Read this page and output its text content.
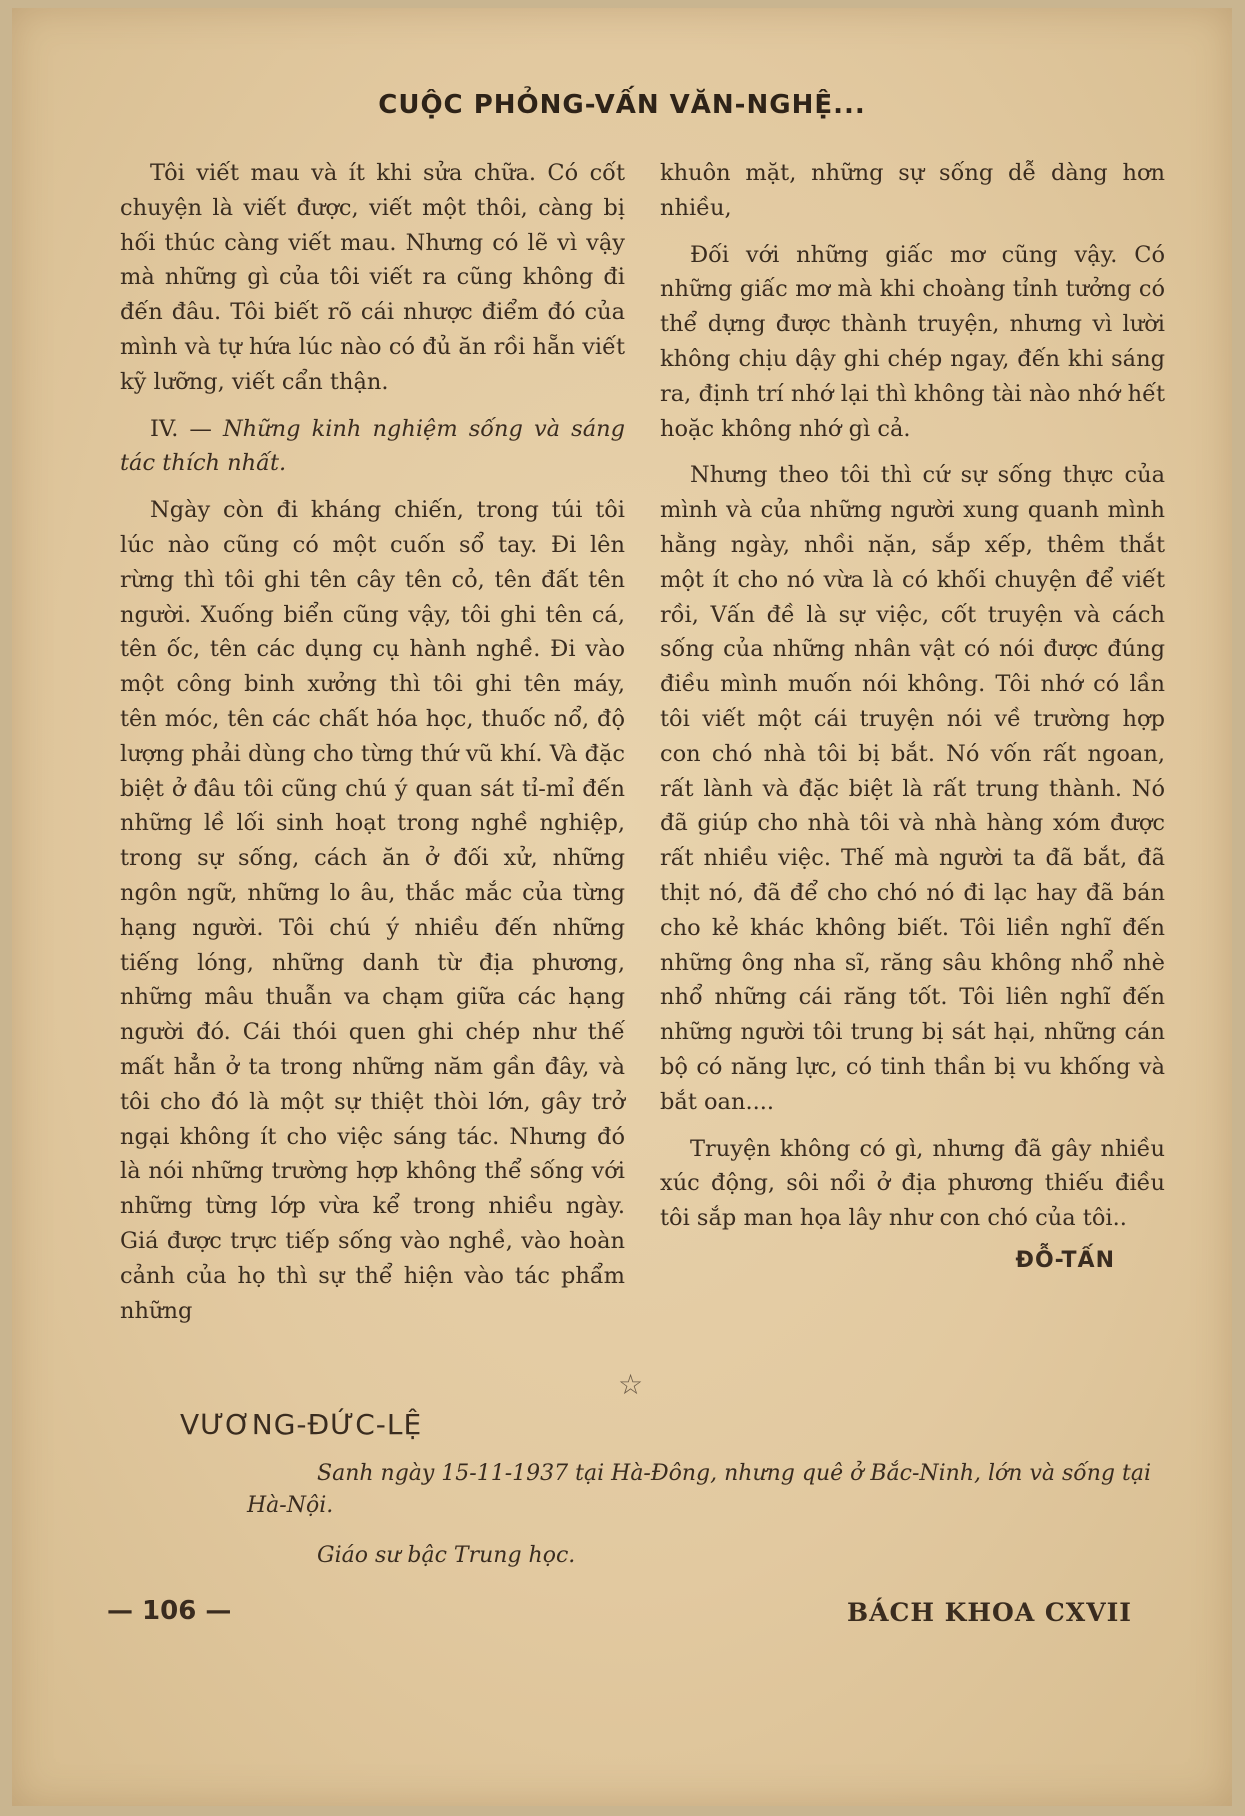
CUỘC PHỎNG-VẤN VĂN-NGHỆ...

Tôi viết mau và ít khi sửa chữa. Có cốt chuyện là viết được, viết một thôi, càng bị hối thúc càng viết mau. Nhưng có lẽ vì vậy mà những gì của tôi viết ra cũng không đi đến đâu. Tôi biết rõ cái nhược điểm đó của mình và tự hứa lúc nào có đủ ăn rồi hẵn viết kỹ lưỡng, viết cẩn thận.

IV. — Những kinh nghiệm sống và sáng tác thích nhất.

Ngày còn đi kháng chiến, trong túi tôi lúc nào cũng có một cuốn sổ tay. Đi lên rừng thì tôi ghi tên cây tên cỏ, tên đất tên người. Xuống biển cũng vậy, tôi ghi tên cá, tên ốc, tên các dụng cụ hành nghề. Đi vào một công binh xưởng thì tôi ghi tên máy, tên móc, tên các chất hóa học, thuốc nổ, độ lượng phải dùng cho từng thứ vũ khí. Và đặc biệt ở đâu tôi cũng chú ý quan sát tỉ-mỉ đến những lề lối sinh hoạt trong nghề nghiệp, trong sự sống, cách ăn ở đối xử, những ngôn ngữ, những lo âu, thắc mắc của từng hạng người. Tôi chú ý nhiều đến những tiếng lóng, những danh từ địa phương, những mâu thuẫn va chạm giữa các hạng người đó. Cái thói quen ghi chép như thế mất hẳn ở ta trong những năm gần đây, và tôi cho đó là một sự thiệt thòi lớn, gây trở ngại không ít cho việc sáng tác. Nhưng đó là nói những trường hợp không thể sống với những từng lớp vừa kể trong nhiều ngày. Giá được trực tiếp sống vào nghề, vào hoàn cảnh của họ thì sự thể hiện vào tác phẩm những

khuôn mặt, những sự sống dễ dàng hơn nhiều,

Đối với những giấc mơ cũng vậy. Có những giấc mơ mà khi choàng tỉnh tưởng có thể dựng được thành truyện, nhưng vì lười không chịu dậy ghi chép ngay, đến khi sáng ra, định trí nhớ lại thì không tài nào nhớ hết hoặc không nhớ gì cả.

Nhưng theo tôi thì cứ sự sống thực của mình và của những người xung quanh mình hằng ngày, nhồi nặn, sắp xếp, thêm thắt một ít cho nó vừa là có khối chuyện để viết rồi, Vấn đề là sự việc, cốt truyện và cách sống của những nhân vật có nói được đúng điều mình muốn nói không. Tôi nhớ có lần tôi viết một cái truyện nói về trường hợp con chó nhà tôi bị bắt. Nó vốn rất ngoan, rất lành và đặc biệt là rất trung thành. Nó đã giúp cho nhà tôi và nhà hàng xóm được rất nhiều việc. Thế mà người ta đã bắt, đã thịt nó, đã để cho chó nó đi lạc hay đã bán cho kẻ khác không biết. Tôi liền nghĩ đến những ông nha sĩ, răng sâu không nhổ nhè nhổ những cái răng tốt. Tôi liên nghĩ đến những người tôi trung bị sát hại, những cán bộ có năng lực, có tinh thần bị vu khống và bắt oan....

Truyện không có gì, nhưng đã gây nhiều xúc động, sôi nổi ở địa phương thiếu điều tôi sắp man họa lây như con chó của tôi..

ĐỖ-TẤN
☆
VƯƠNG-ĐỨC-LỆ

Sanh ngày 15-11-1937 tại Hà-Đông, nhưng quê ở Bắc-Ninh, lớn và sống tại Hà-Nội.

Giáo sư bậc Trung học.

— 106 —	BÁCH KHOA CXVII
